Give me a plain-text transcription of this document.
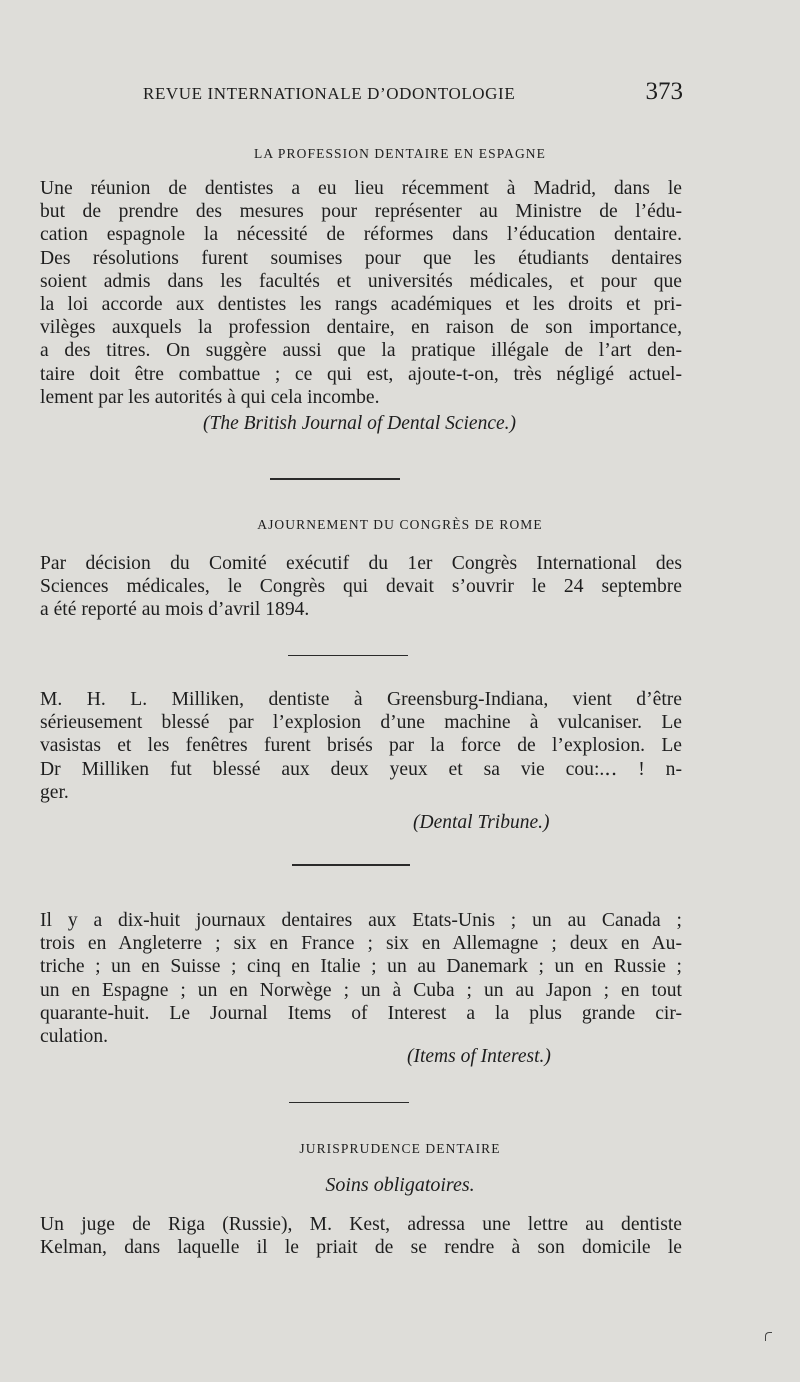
REVUE INTERNATIONALE D’ODONTOLOGIE	373
LA PROFESSION DENTAIRE EN ESPAGNE
Une réunion de dentistes a eu lieu récemment à Madrid, dans le
but de prendre des mesures pour représenter au Ministre de l’édu-
cation espagnole la nécessité de réformes dans l’éducation dentaire.
Des résolutions furent soumises pour que les étudiants dentaires
soient admis dans les facultés et universités médicales, et pour que
la loi accorde aux dentistes les rangs académiques et les droits et pri-
vilèges auxquels la profession dentaire, en raison de son importance,
a des titres. On suggère aussi que la pratique illégale de l’art den-
taire doit être combattue ; ce qui est, ajoute-t-on, très négligé actuel-
lement par les autorités à qui cela incombe.
(The British Journal of Dental Science.)
AJOURNEMENT DU CONGRÈS DE ROME
Par décision du Comité exécutif du 1er Congrès International des
Sciences médicales, le Congrès qui devait s’ouvrir le 24 septembre
a été reporté au mois d’avril 1894.
M. H. L. Milliken, dentiste à Greensburg-Indiana, vient d’être
sérieusement blessé par l’explosion d’une machine à vulcaniser. Le
vasistas et les fenêtres furent brisés par la force de l’explosion. Le
Dr Milliken fut blessé aux deux yeux et sa vie cou:.‥ ! n-
ger.
(Dental Tribune.)
Il y a dix-huit journaux dentaires aux Etats-Unis ; un au Canada ;
trois en Angleterre ; six en France ; six en Allemagne ; deux en Au-
triche ; un en Suisse ; cinq en Italie ; un au Danemark ; un en Russie ;
un en Espagne ; un en Norwège ; un à Cuba ; un au Japon ; en tout
quarante-huit. Le Journal Items of Interest a la plus grande cir-
culation.
(Items of Interest.)
JURISPRUDENCE DENTAIRE
Soins obligatoires.
Un juge de Riga (Russie), M. Kest, adressa une lettre au dentiste
Kelman, dans laquelle il le priait de se rendre à son domicile le
